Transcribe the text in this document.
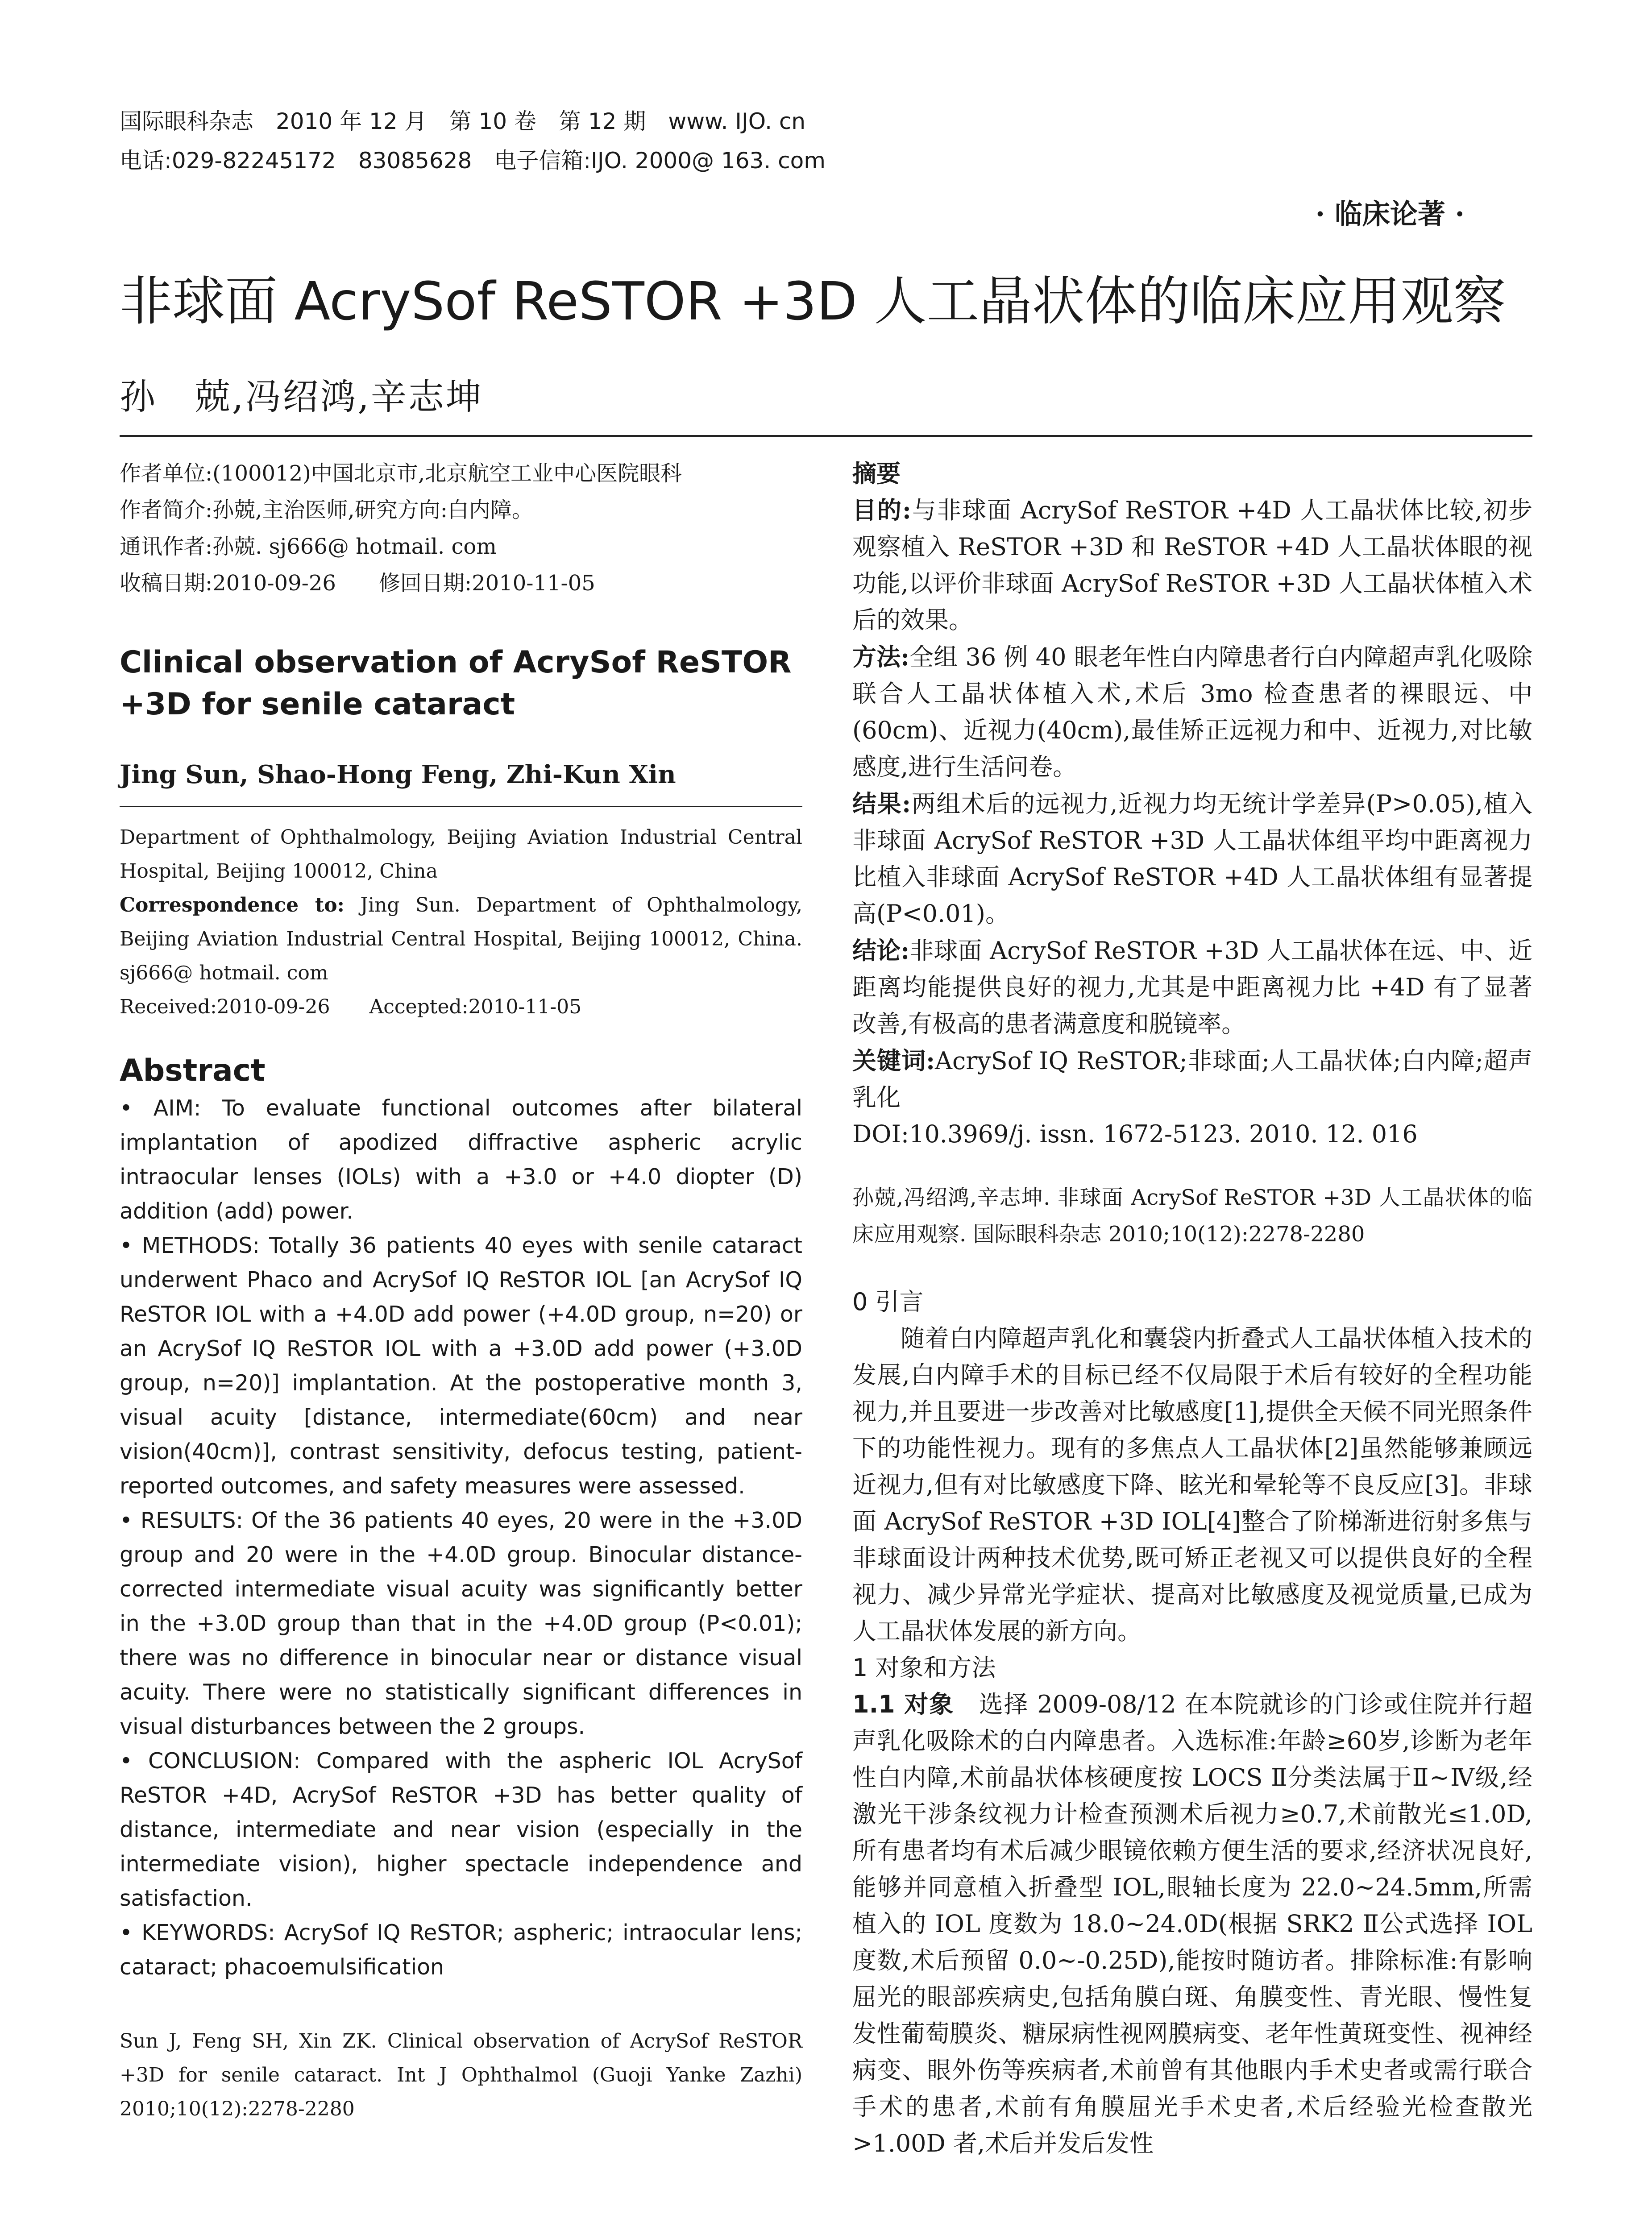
国际眼科杂志　2010 年 12 月　第 10 卷　第 12 期　www. IJO. cn
电话:029-82245172　83085628　电子信箱:IJO. 2000@ 163. com
· 临床论著 ·
非球面 AcrySof ReSTOR +3D 人工晶状体的临床应用观察
孙　兢,冯绍鸿,辛志坤
作者单位:(100012)中国北京市,北京航空工业中心医院眼科
作者简介:孙兢,主治医师,研究方向:白内障。
通讯作者:孙兢. sj666@ hotmail. com
收稿日期:2010-09-26　　修回日期:2010-11-05
Clinical observation of AcrySof ReSTOR +3D for senile cataract
Jing Sun, Shao-Hong Feng, Zhi-Kun Xin
Department of Ophthalmology, Beijing Aviation Industrial Central Hospital, Beijing 100012, China
Correspondence to: Jing Sun. Department of Ophthalmology, Beijing Aviation Industrial Central Hospital, Beijing 100012, China. sj666@ hotmail. com
Received:2010-09-26　　Accepted:2010-11-05
Abstract

• AIM: To evaluate functional outcomes after bilateral implantation of apodized diffractive aspheric acrylic intraocular lenses (IOLs) with a +3.0 or +4.0 diopter (D) addition (add) power.

• METHODS: Totally 36 patients 40 eyes with senile cataract underwent Phaco and AcrySof IQ ReSTOR IOL [an AcrySof IQ ReSTOR IOL with a +4.0D add power (+4.0D group, n=20) or an AcrySof IQ ReSTOR IOL with a +3.0D add power (+3.0D group, n=20)] implantation. At the postoperative month 3, visual acuity [distance, intermediate(60cm) and near vision(40cm)], contrast sensitivity, defocus testing, patient-reported outcomes, and safety measures were assessed.

• RESULTS: Of the 36 patients 40 eyes, 20 were in the +3.0D group and 20 were in the +4.0D group. Binocular distance-corrected intermediate visual acuity was significantly better in the +3.0D group than that in the +4.0D group (P<0.01); there was no difference in binocular near or distance visual acuity. There were no statistically significant differences in visual disturbances between the 2 groups.

• CONCLUSION: Compared with the aspheric IOL AcrySof ReSTOR +4D, AcrySof ReSTOR +3D has better quality of distance, intermediate and near vision (especially in the intermediate vision), higher spectacle independence and satisfaction.

• KEYWORDS: AcrySof IQ ReSTOR; aspheric; intraocular lens; cataract; phacoemulsification

Sun J, Feng SH, Xin ZK. Clinical observation of AcrySof ReSTOR +3D for senile cataract. Int J Ophthalmol (Guoji Yanke Zazhi) 2010;10(12):2278-2280
摘要
目的:与非球面 AcrySof ReSTOR +4D 人工晶状体比较,初步观察植入 ReSTOR +3D 和 ReSTOR +4D 人工晶状体眼的视功能,以评价非球面 AcrySof ReSTOR +3D 人工晶状体植入术后的效果。
方法:全组 36 例 40 眼老年性白内障患者行白内障超声乳化吸除联合人工晶状体植入术,术后 3mo 检查患者的裸眼远、中(60cm)、近视力(40cm),最佳矫正远视力和中、近视力,对比敏感度,进行生活问卷。
结果:两组术后的远视力,近视力均无统计学差异(P>0.05),植入非球面 AcrySof ReSTOR +3D 人工晶状体组平均中距离视力比植入非球面 AcrySof ReSTOR +4D 人工晶状体组有显著提高(P<0.01)。
结论:非球面 AcrySof ReSTOR +3D 人工晶状体在远、中、近距离均能提供良好的视力,尤其是中距离视力比 +4D 有了显著改善,有极高的患者满意度和脱镜率。
关键词:AcrySof IQ ReSTOR;非球面;人工晶状体;白内障;超声乳化
DOI:10.3969/j. issn. 1672-5123. 2010. 12. 016
孙兢,冯绍鸿,辛志坤. 非球面 AcrySof ReSTOR +3D 人工晶状体的临床应用观察. 国际眼科杂志 2010;10(12):2278-2280
0 引言

随着白内障超声乳化和囊袋内折叠式人工晶状体植入技术的发展,白内障手术的目标已经不仅局限于术后有较好的全程功能视力,并且要进一步改善对比敏感度[1],提供全天候不同光照条件下的功能性视力。现有的多焦点人工晶状体[2]虽然能够兼顾远近视力,但有对比敏感度下降、眩光和晕轮等不良反应[3]。非球面 AcrySof ReSTOR +3D IOL[4]整合了阶梯渐进衍射多焦与非球面设计两种技术优势,既可矫正老视又可以提供良好的全程视力、减少异常光学症状、提高对比敏感度及视觉质量,已成为人工晶状体发展的新方向。

1 对象和方法

1.1 对象　 选择 2009-08/12 在本院就诊的门诊或住院并行超声乳化吸除术的白内障患者。入选标准:年龄≥60岁,诊断为老年性白内障,术前晶状体核硬度按 LOCS Ⅱ分类法属于Ⅱ~Ⅳ级,经激光干涉条纹视力计检查预测术后视力≥0.7,术前散光≤1.0D,所有患者均有术后减少眼镜依赖方便生活的要求,经济状况良好,能够并同意植入折叠型 IOL,眼轴长度为 22.0~24.5mm,所需植入的 IOL 度数为 18.0~24.0D(根据 SRK2 Ⅱ公式选择 IOL 度数,术后预留 0.0~-0.25D),能按时随访者。排除标准:有影响屈光的眼部疾病史,包括角膜白斑、角膜变性、青光眼、慢性复发性葡萄膜炎、糖尿病性视网膜病变、老年性黄斑变性、视神经病变、眼外伤等疾病者,术前曾有其他眼内手术史者或需行联合手术的患者,术前有角膜屈光手术史者,术后经验光检查散光>1.00D 者,术后并发后发性
